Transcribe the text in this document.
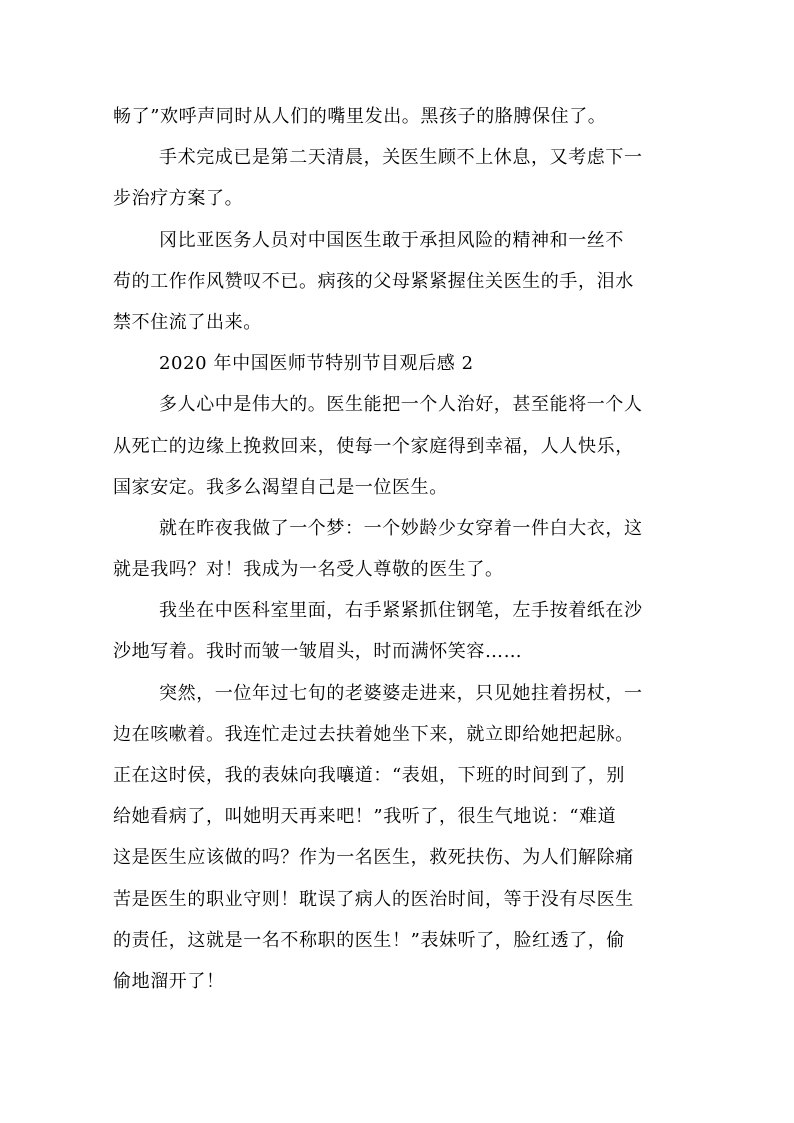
畅了”欢呼声同时从人们的嘴里发出。黑孩子的胳膊保住了。
手术完成已是第二天清晨，关医生顾不上休息，又考虑下一
步治疗方案了。
冈比亚医务人员对中国医生敢于承担风险的精神和一丝不
苟的工作作风赞叹不已。病孩的父母紧紧握住关医生的手，泪水
禁不住流了出来。
2020 年中国医师节特别节目观后感 2
多人心中是伟大的。医生能把一个人治好，甚至能将一个人
从死亡的边缘上挽救回来，使每一个家庭得到幸福，人人快乐，
国家安定。我多么渴望自己是一位医生。
就在昨夜我做了一个梦：一个妙龄少女穿着一件白大衣，这
就是我吗？对！我成为一名受人尊敬的医生了。
我坐在中医科室里面，右手紧紧抓住钢笔，左手按着纸在沙
沙地写着。我时而皱一皱眉头，时而满怀笑容……
突然，一位年过七旬的老婆婆走进来，只见她拄着拐杖，一
边在咳嗽着。我连忙走过去扶着她坐下来，就立即给她把起脉。
正在这时侯，我的表妹向我嚷道：“表姐，下班的时间到了，别
给她看病了，叫她明天再来吧！”我听了，很生气地说：“难道
这是医生应该做的吗？作为一名医生，救死扶伤、为人们解除痛
苦是医生的职业守则！耽误了病人的医治时间，等于没有尽医生
的责任，这就是一名不称职的医生！”表妹听了，脸红透了，偷
偷地溜开了！
